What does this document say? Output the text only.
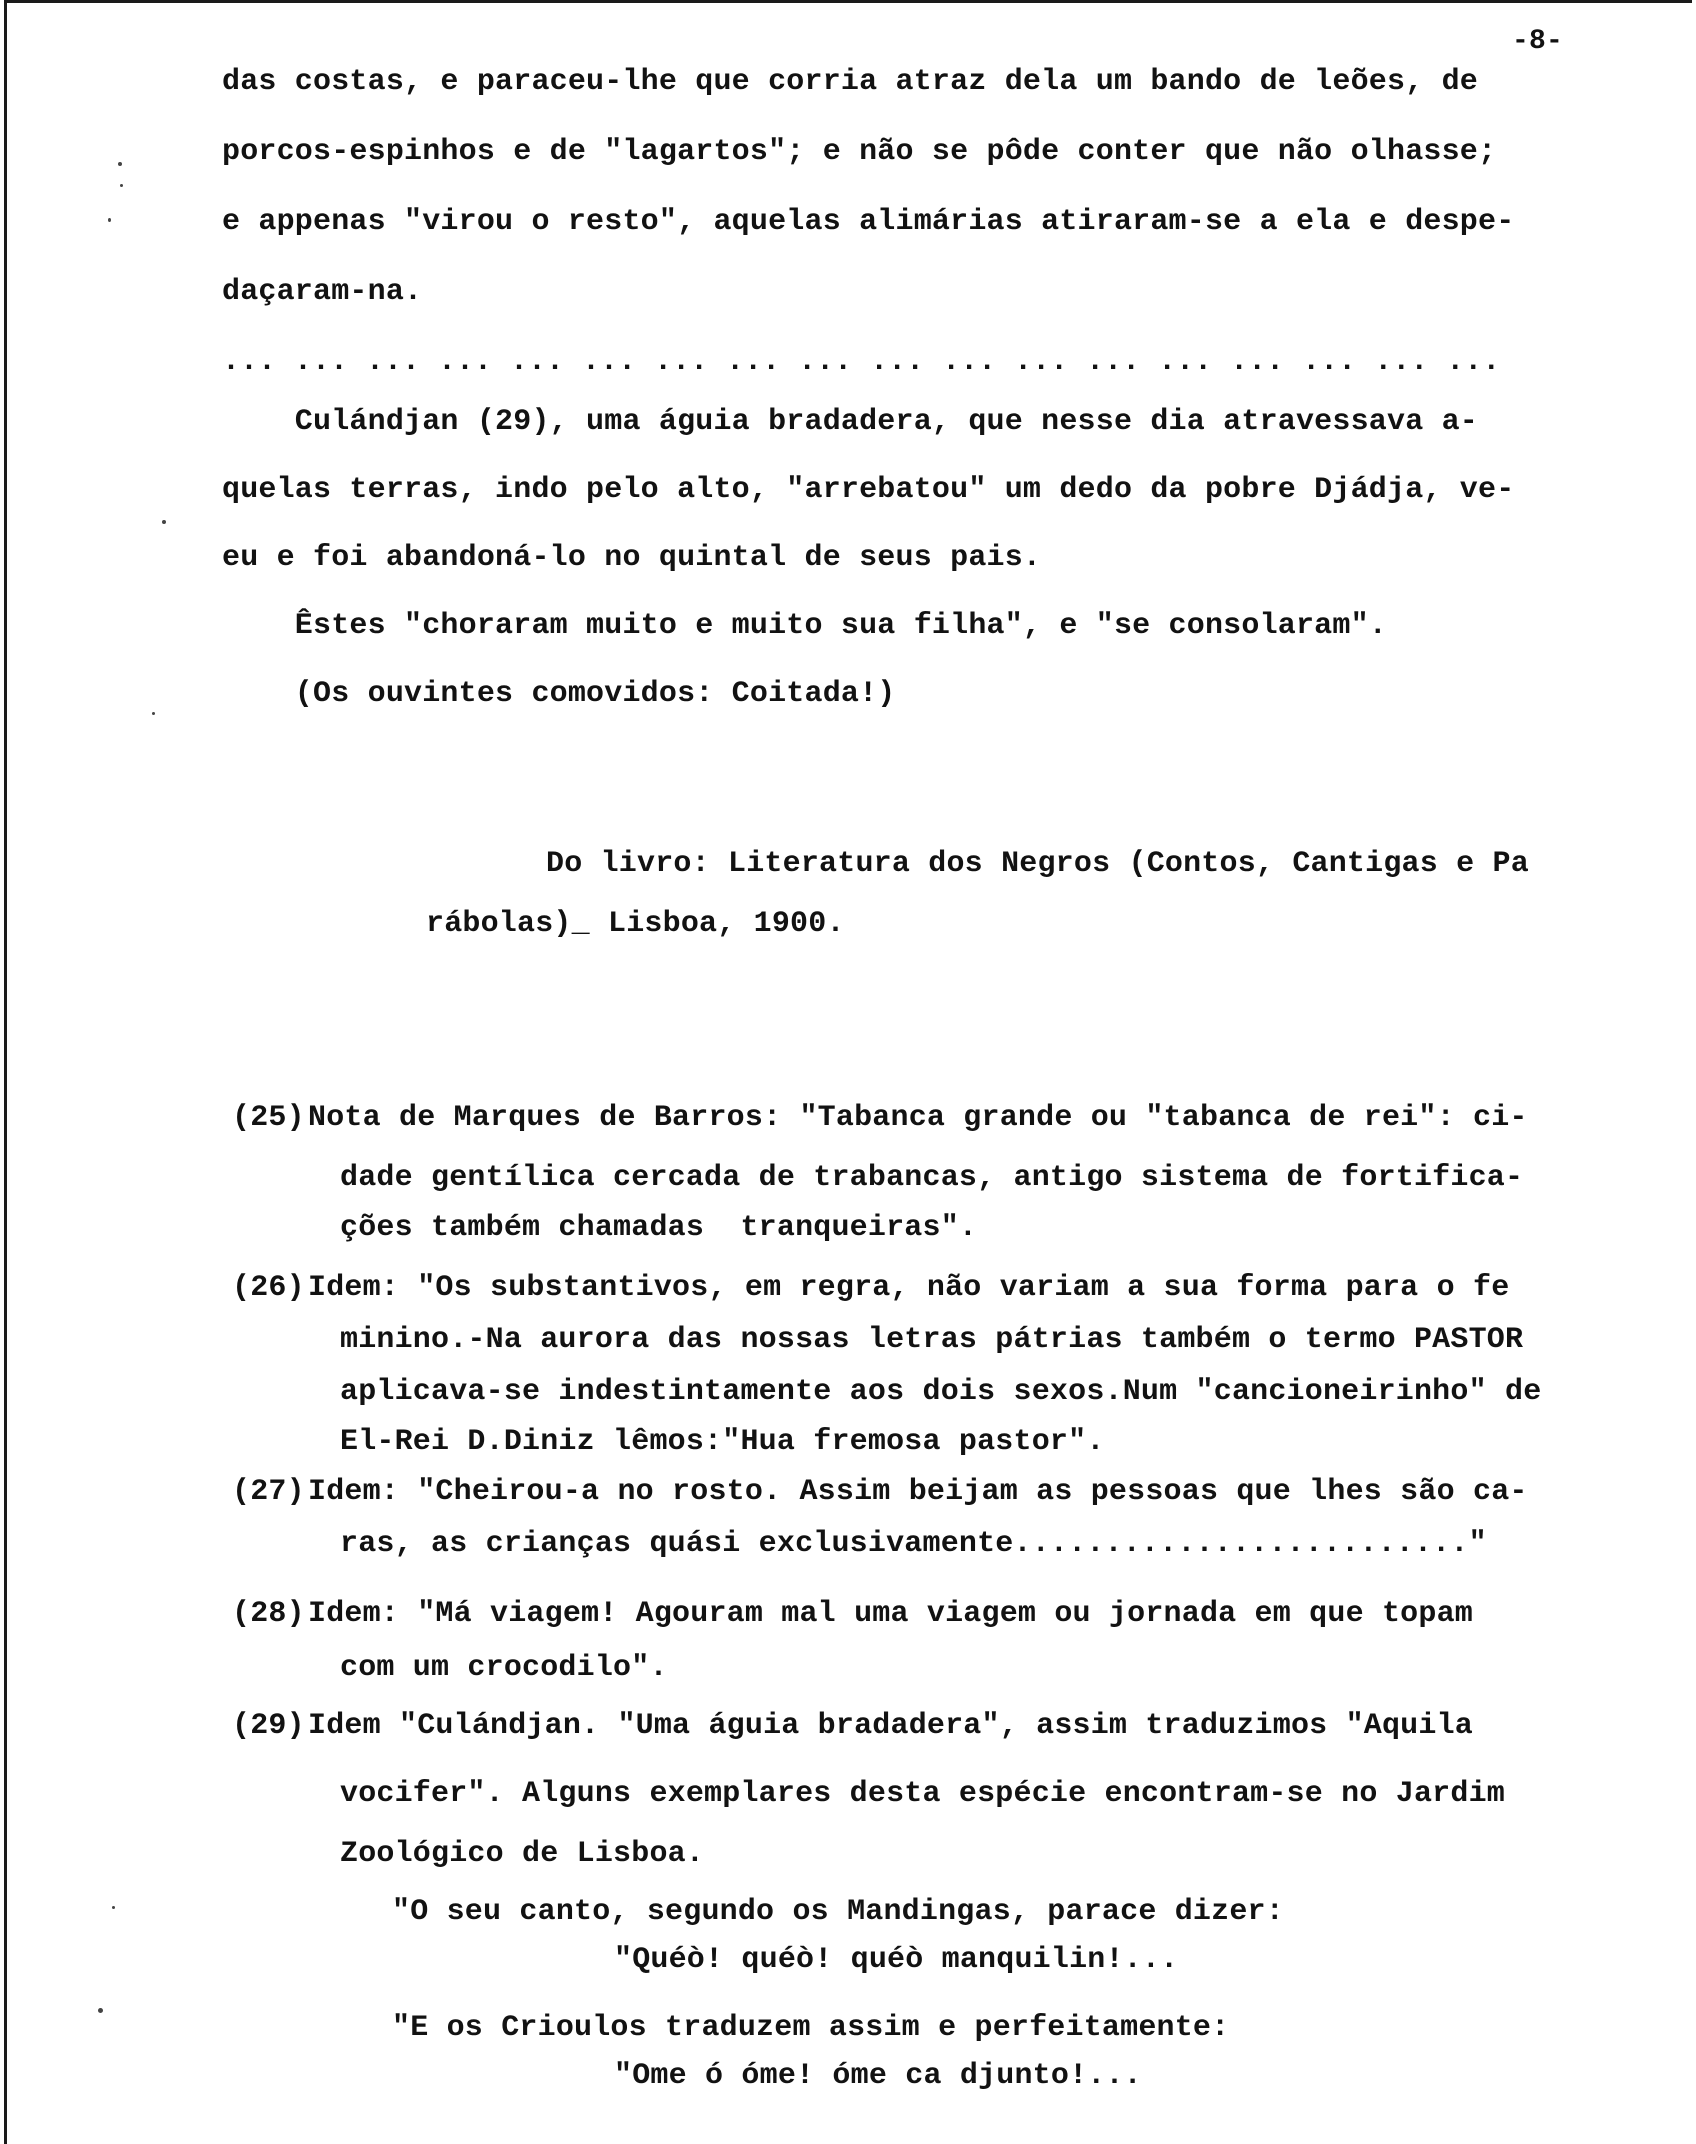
-8-
das costas, e paraceu-lhe que corria atraz dela um bando de leões, de
porcos-espinhos e de "lagartos"; e não se pôde conter que não olhasse;
e appenas "virou o resto", aquelas alimárias atiraram-se a ela e despe-
daçaram-na.
... ... ... ... ... ... ... ... ... ... ... ... ... ... ... ... ... ...
Culándjan (29), uma águia bradadera, que nesse dia atravessava a-
quelas terras, indo pelo alto, "arrebatou" um dedo da pobre Djádja, ve-
eu e foi abandoná-lo no quintal de seus pais.
Êstes "choraram muito e muito sua filha", e "se consolaram".
(Os ouvintes comovidos: Coitada!)
Do livro: Literatura dos Negros (Contos, Cantigas e Pa
rábolas)_ Lisboa, 1900.
(25) Nota de Marques de Barros: "Tabanca grande ou "tabanca de rei": ci-
dade gentílica cercada de trabancas, antigo sistema de fortifica-
ções também chamadas  tranqueiras".
(26) Idem: "Os substantivos, em regra, não variam a sua forma para o fe
minino.-Na aurora das nossas letras pátrias também o termo PASTOR
aplicava-se indestintamente aos dois sexos.Num "cancioneirinho" de
El-Rei D.Diniz lêmos:"Hua fremosa pastor".
(27) Idem: "Cheirou-a no rosto. Assim beijam as pessoas que lhes são ca-
ras, as crianças quási exclusivamente........................."
(28) Idem: "Má viagem! Agouram mal uma viagem ou jornada em que topam
com um crocodilo".
(29) Idem "Culándjan. "Uma águia bradadera", assim traduzimos "Aquila
vocifer". Alguns exemplares desta espécie encontram-se no Jardim
Zoológico de Lisboa.
"O seu canto, segundo os Mandingas, parace dizer:
"Quéò! quéò! quéò manquilin!...
"E os Crioulos traduzem assim e perfeitamente:
"Ome ó óme! óme ca djunto!...
